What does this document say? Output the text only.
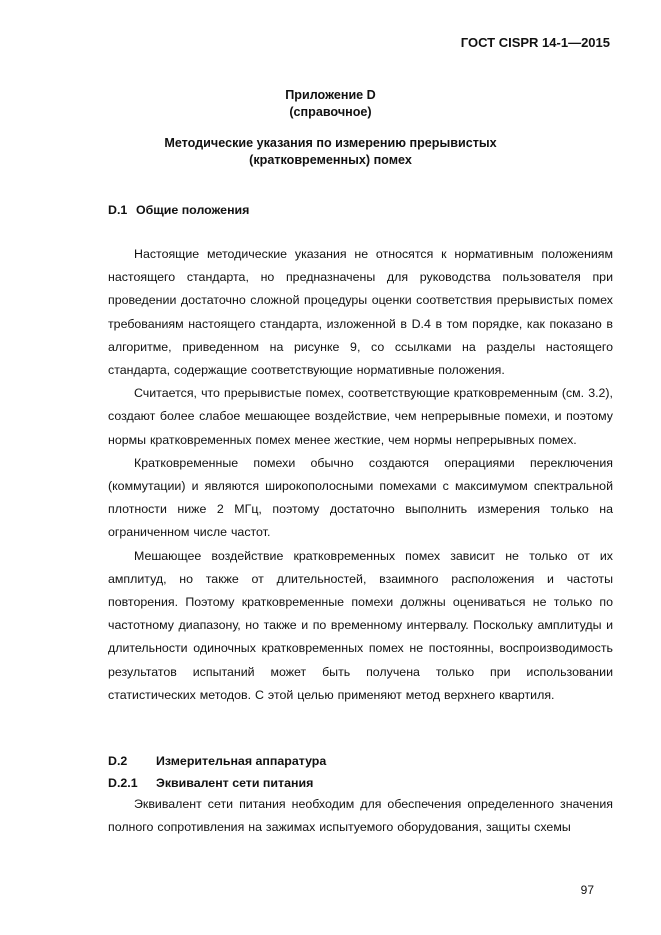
ГОСТ CISPR 14-1—2015
Приложение D
(справочное)
Методические указания по измерению прерывистых
(кратковременных) помех
D.1 Общие положения

Настоящие методические указания не относятся к нормативным положениям настоящего стандарта, но предназначены для руководства пользователя при проведении достаточно сложной процедуры оценки соответствия прерывистых помех требованиям настоящего стандарта, изложенной в D.4 в том порядке, как показано в алгоритме, приведенном на рисунке 9, со ссылками на разделы настоящего стандарта, содержащие соответствующие нормативные положения.

Считается, что прерывистые помех, соответствующие кратковременным (см. 3.2), создают более слабое мешающее воздействие, чем непрерывные помехи, и поэтому нормы кратковременных помех менее жесткие, чем нормы непрерывных помех.

Кратковременные помехи обычно создаются операциями переключения (коммутации) и являются широкополосными помехами с максимумом спектральной плотности ниже 2 МГц, поэтому достаточно выполнить измерения только на ограниченном числе частот.

Мешающее воздействие кратковременных помех зависит не только от их амплитуд, но также от длительностей, взаимного расположения и частоты повторения. Поэтому кратковременные помехи должны оцениваться не только по частотному диапазону, но также и по временному интервалу. Поскольку амплитуды и длительности одиночных кратковременных помех не постоянны, воспроизводимость результатов испытаний может быть получена только при использовании статистических методов. С этой целью применяют метод верхнего квартиля.

D.2 Измерительная аппаратура
D.2.1 Эквивалент сети питания

Эквивалент сети питания необходим для обеспечения определенного значения полного сопротивления на зажимах испытуемого оборудования, защиты схемы

97
